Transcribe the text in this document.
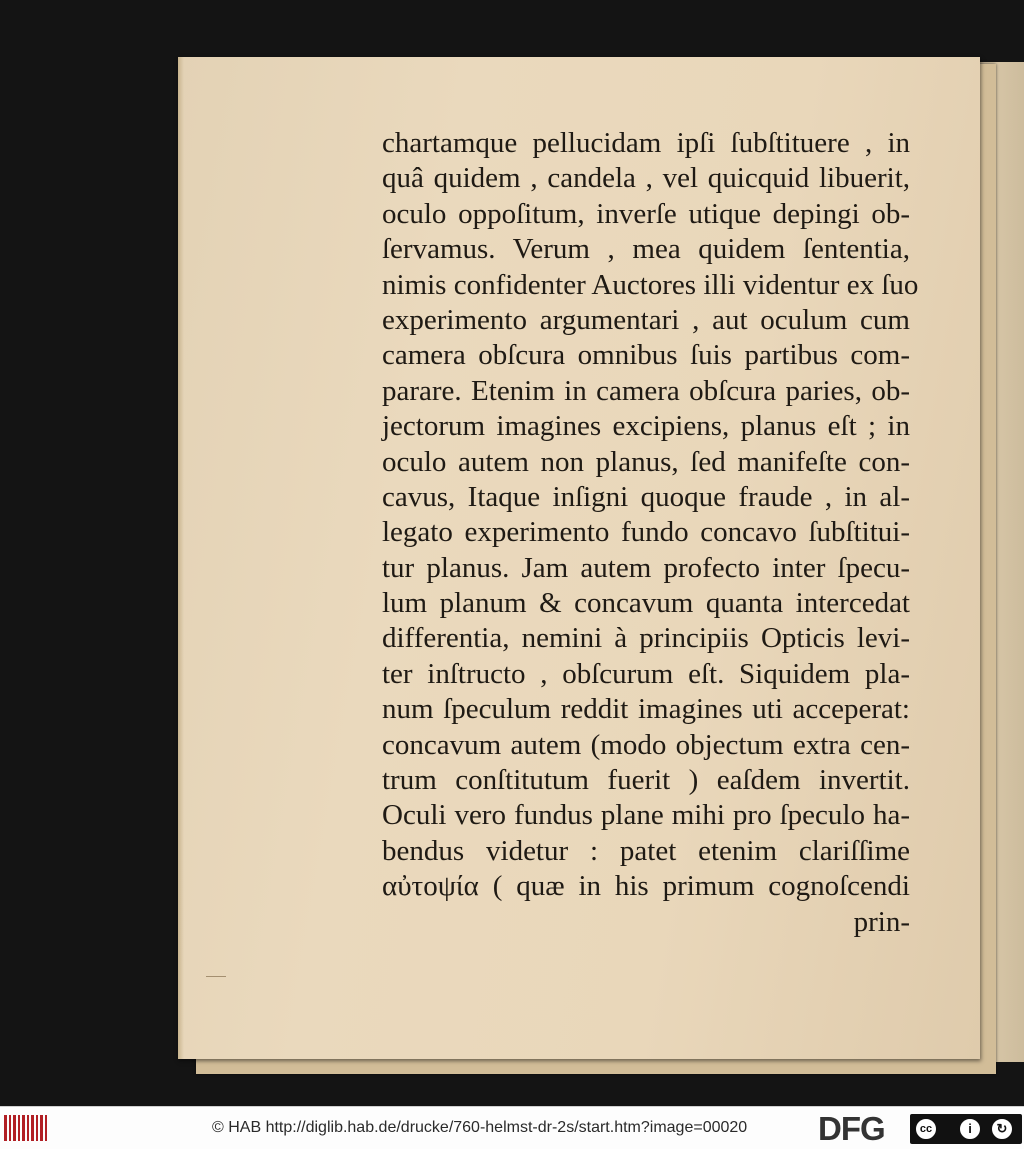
chartamque pellucidam ipſi ſubſtituere , in
quâ quidem , candela , vel quicquid libuerit,
oculo oppoſitum, inverſe utique depingi ob-
ſervamus. Verum , mea quidem ſententia,
nimis confidenter Auctores illi videntur ex ſuo
experimento argumentari , aut oculum cum
camera obſcura omnibus ſuis partibus com-
parare. Etenim in camera obſcura paries, ob-
jectorum imagines excipiens, planus eſt ; in
oculo autem non planus, ſed manifeſte con-
cavus, Itaque inſigni quoque fraude , in al-
legato experimento fundo concavo ſubſtitui-
tur planus. Jam autem profecto inter ſpecu-
lum planum & concavum quanta intercedat
differentia, nemini à principiis Opticis levi-
ter inſtructo , obſcurum eſt. Siquidem pla-
num ſpeculum reddit imagines uti acceperat:
concavum autem (modo objectum extra cen-
trum conſtitutum fuerit ) eaſdem invertit.
Oculi vero fundus plane mihi pro ſpeculo ha-
bendus videtur : patet etenim clariſſime
αὐτοψία ( quæ in his primum cognoſcendi
prin-
© HAB http://diglib.hab.de/drucke/760-helmst-dr-2s/start.htm?image=00020 DFG	cc	i	↻
